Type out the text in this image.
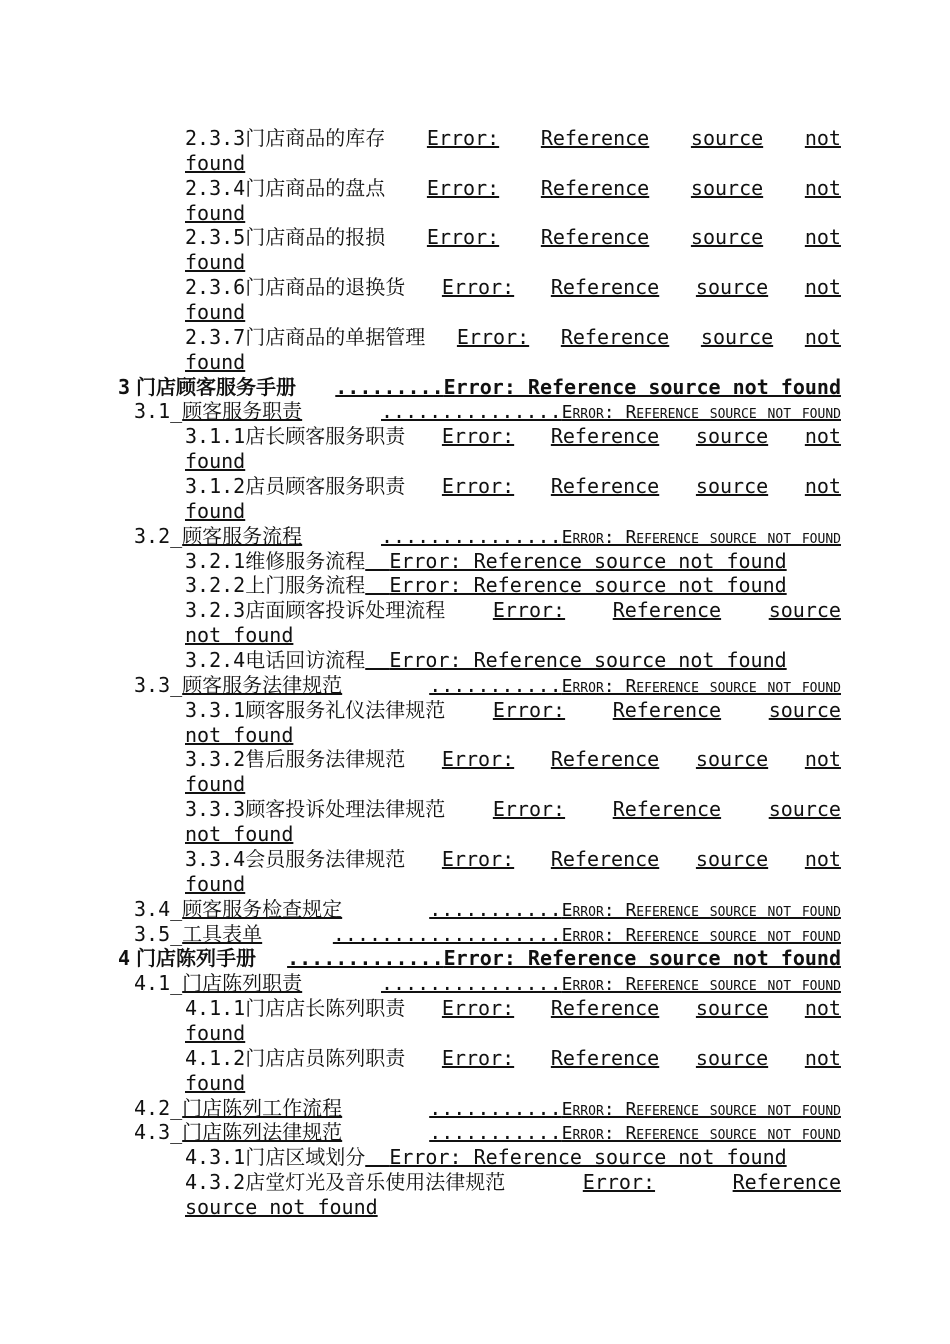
2.3.3门店商品的库存 Error: Reference source not
found
2.3.4门店商品的盘点 Error: Reference source not
found
2.3.5门店商品的报损 Error: Reference source not
found
2.3.6门店商品的退换货 Error: Reference source not
found
2.3.7门店商品的单据管理 Error: Reference source not
found
3 门店顾客服务手册 .........Error: Reference source not found
3.1_顾客服务职责	...............Error: Reference source not found
3.1.1店长顾客服务职责 Error: Reference source not
found
3.1.2店员顾客服务职责 Error: Reference source not
found
3.2_顾客服务流程	...............Error: Reference source not found
3.2.1维修服务流程 Error: Reference source not found
3.2.2上门服务流程 Error: Reference source not found
3.2.3店面顾客投诉处理流程 Error: Reference source
not found
3.2.4电话回访流程 Error: Reference source not found
3.3_顾客服务法律规范	...........Error: Reference source not found
3.3.1顾客服务礼仪法律规范 Error: Reference source
not found
3.3.2售后服务法律规范 Error: Reference source not
found
3.3.3顾客投诉处理法律规范 Error: Reference source
not found
3.3.4会员服务法律规范 Error: Reference source not
found
3.4_顾客服务检查规定	...........Error: Reference source not found
3.5_工具表单	...................Error: Reference source not found
4 门店陈列手册 .............Error: Reference source not found
4.1_门店陈列职责	...............Error: Reference source not found
4.1.1门店店长陈列职责 Error: Reference source not
found
4.1.2门店店员陈列职责 Error: Reference source not
found
4.2_门店陈列工作流程	...........Error: Reference source not found
4.3_门店陈列法律规范	...........Error: Reference source not found
4.3.1门店区域划分 Error: Reference source not found
4.3.2店堂灯光及音乐使用法律规范	Error:	Reference
source not found
